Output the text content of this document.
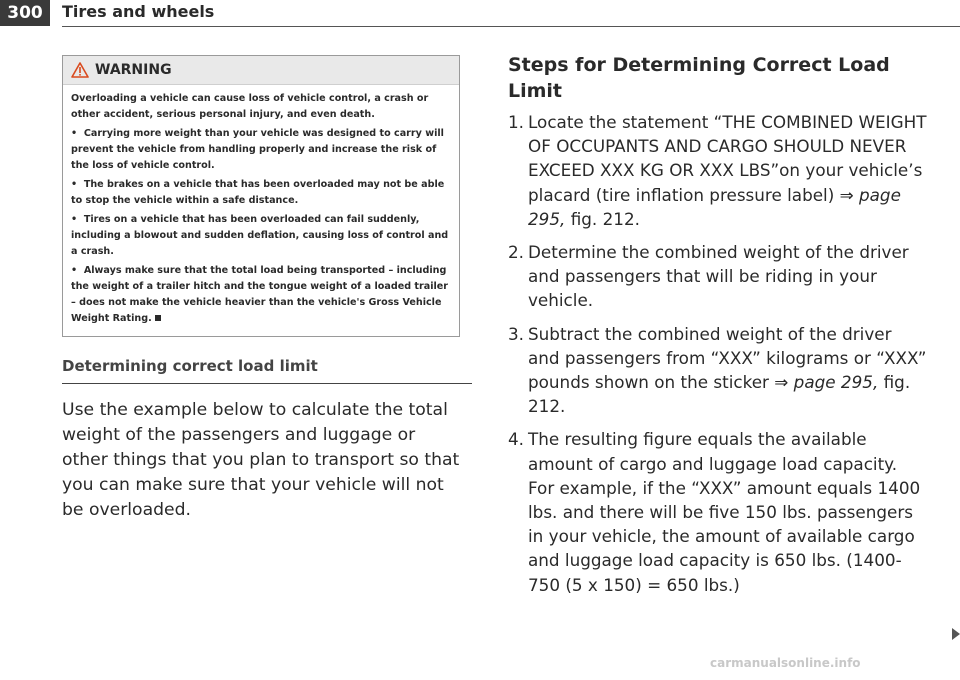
300	Tires and wheels
WARNING

Overloading a vehicle can cause loss of vehicle control, a crash or other accident, serious personal injury, and even death.

•  Carrying more weight than your vehicle was designed to carry will prevent the vehicle from handling properly and increase the risk of the loss of vehicle control.

•  The brakes on a vehicle that has been overloaded may not be able to stop the vehicle within a safe distance.

•  Tires on a vehicle that has been overloaded can fail suddenly, including a blowout and sudden deflation, causing loss of control and a crash.

•  Always make sure that the total load being transported – including the weight of a trailer hitch and the tongue weight of a loaded trailer – does not make the vehicle heavier than the vehicle's Gross Vehicle Weight Rating.

Determining correct load limit
Use the example below to calculate the total weight of the passengers and luggage or other things that you plan to transport so that you can make sure that your vehicle will not be overloaded.
Steps for Determining Correct Load Limit
1. Locate the statement “THE COMBINED WEIGHT OF OCCUPANTS AND CARGO SHOULD NEVER EXCEED XXX KG OR XXX LBS”on your vehicle’s placard (tire inflation pressure label) ⇒ page 295, fig. 212.
2. Determine the combined weight of the driver and passengers that will be riding in your vehicle.
3. Subtract the combined weight of the driver and passengers from “XXX” kilograms or “XXX” pounds shown on the sticker ⇒ page 295, fig. 212.
4. The resulting figure equals the available amount of cargo and luggage load capacity. For example, if the “XXX” amount equals 1400 lbs. and there will be five 150 lbs. passengers in your vehicle, the amount of available cargo and luggage load capacity is 650 lbs. (1400-750 (5 x 150) = 650 lbs.)
carmanualsonline.info
